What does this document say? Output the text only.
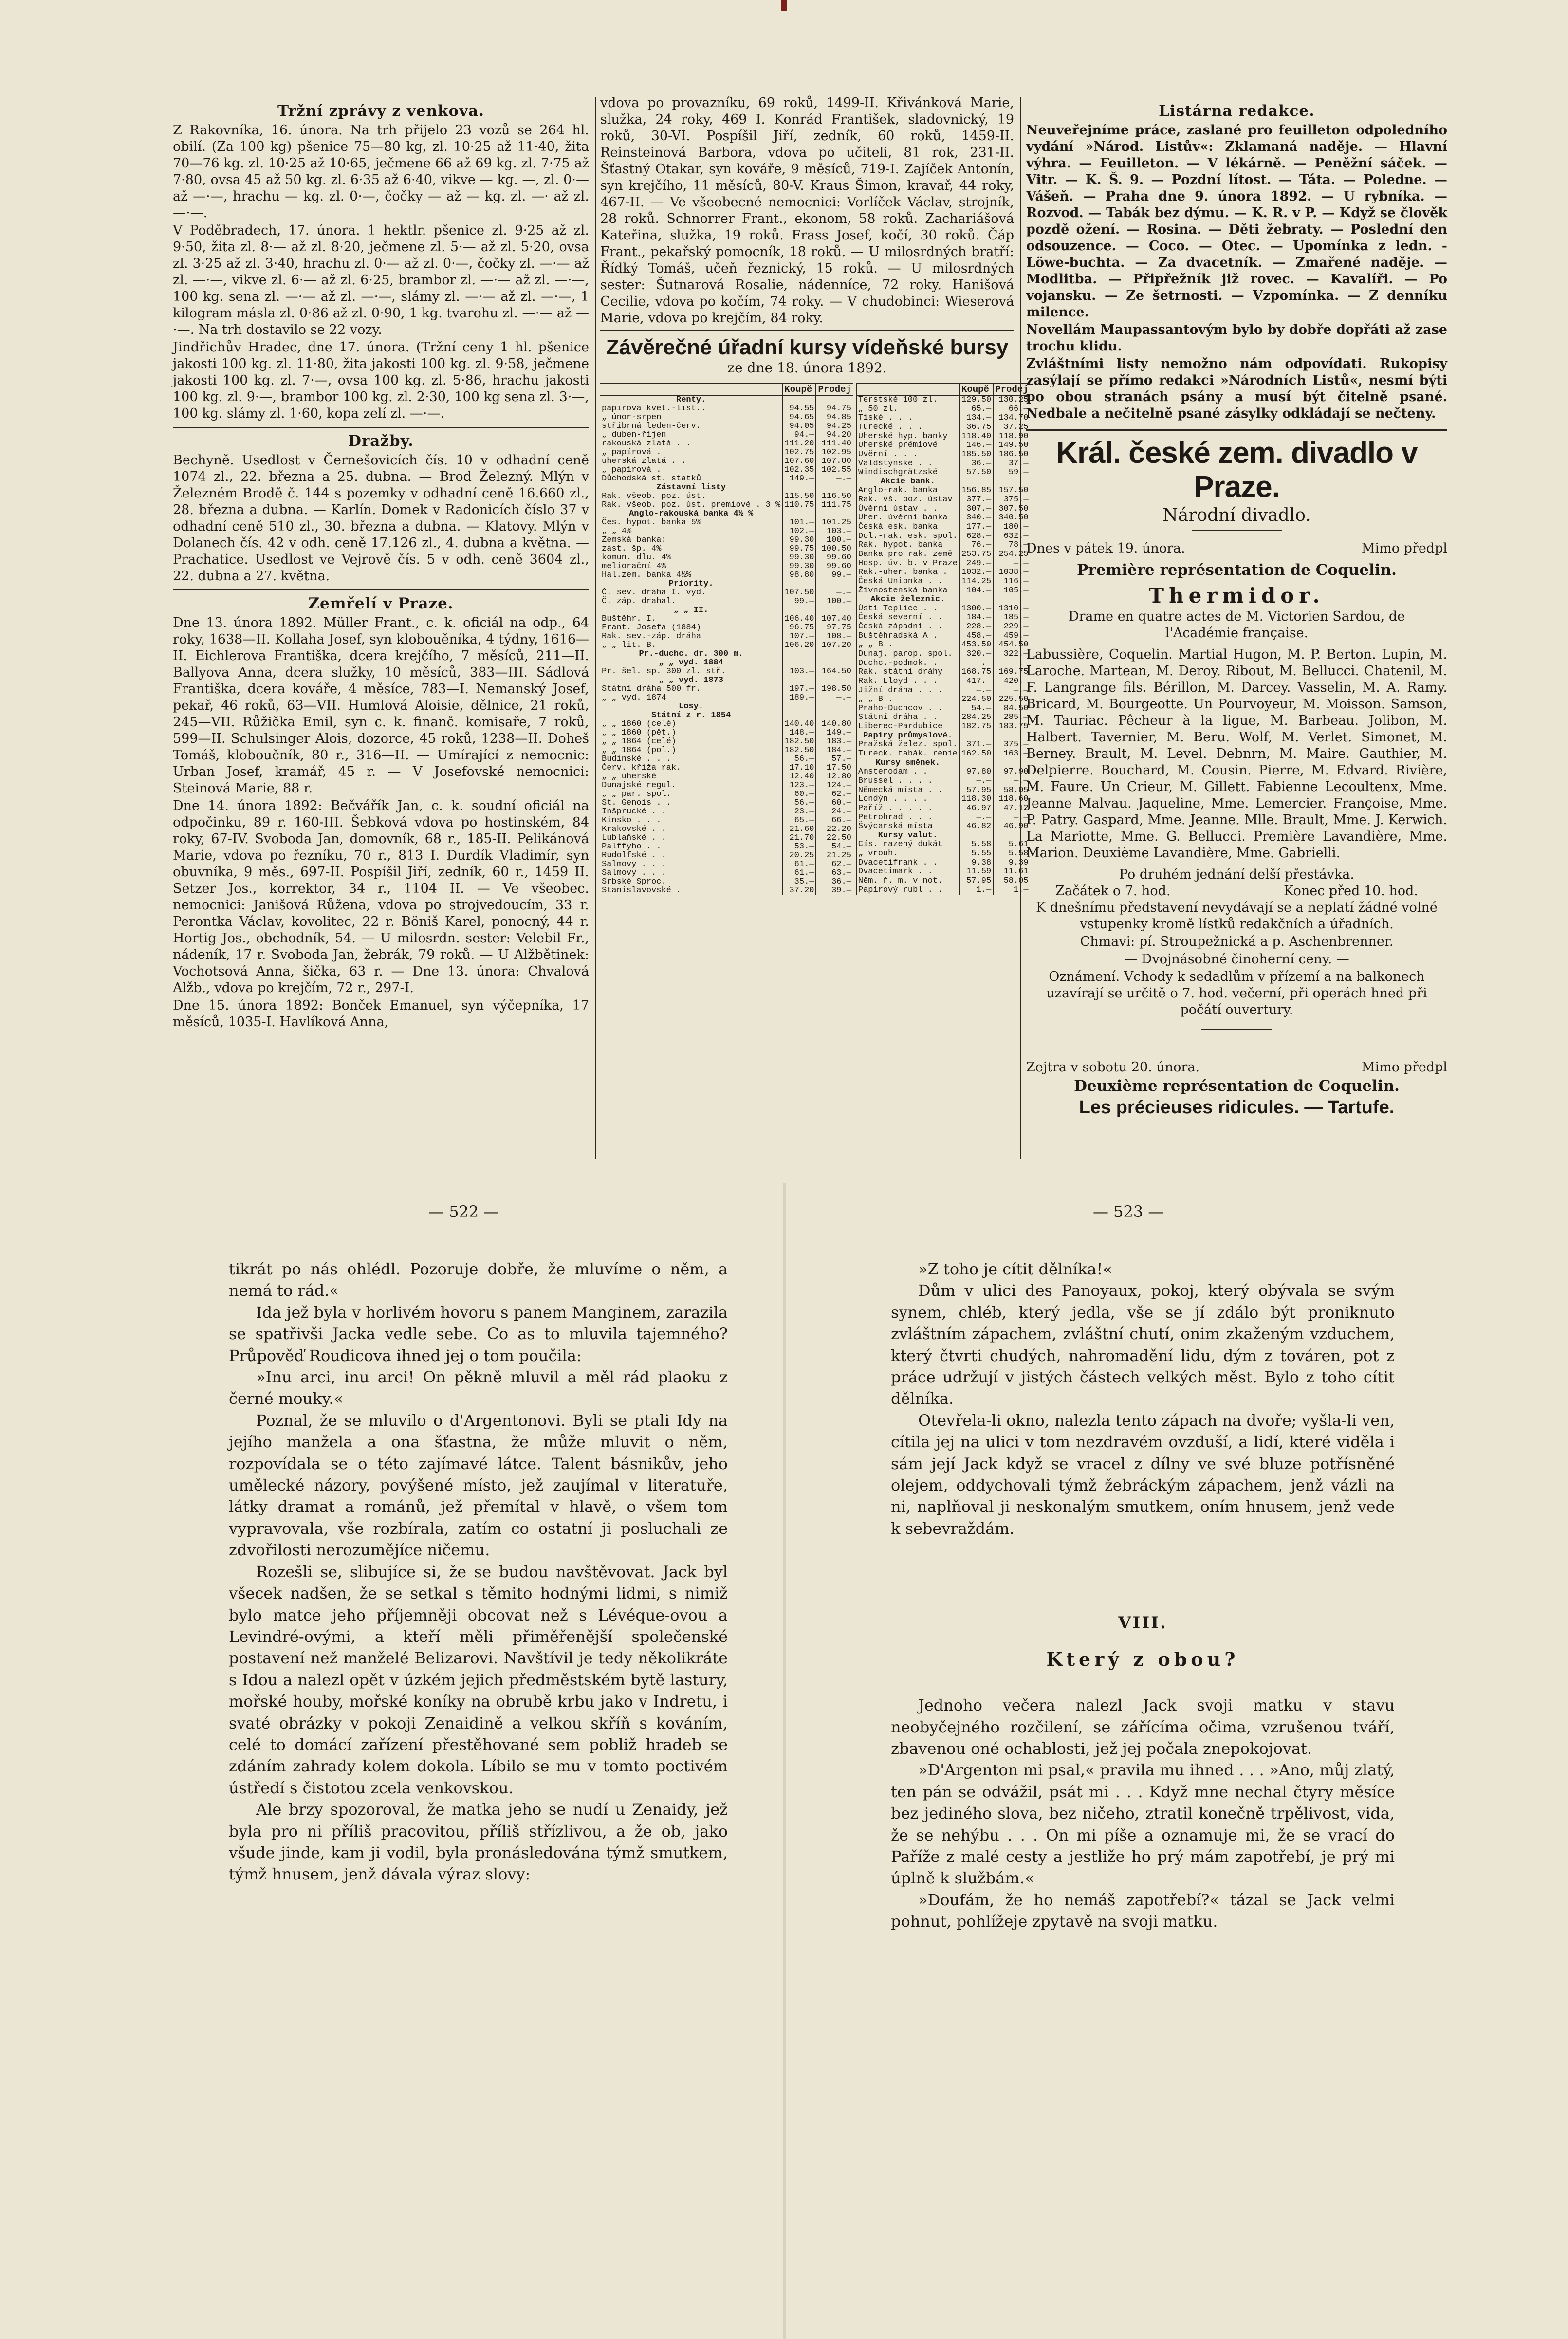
Tržní zprávy z venkova.

Z Rakovníka, 16. února. Na trh přijelo 23 vozů se 264 hl. obilí. (Za 100 kg) pšenice 75—80 kg, zl. 10·25 až 11·40, žita 70—76 kg. zl. 10·25 až 10·65, ječmene 66 až 69 kg. zl. 7·75 až 7·80, ovsa 45 až 50 kg. zl. 6·35 až 6·40, vikve — kg. —, zl. 0·— až —·—, hrachu — kg. zl. 0·—, čočky — až — kg. zl. —· až zl. —·—.

V Poděbradech, 17. února. 1 hektlr. pšenice zl. 9·25 až zl. 9·50, žita zl. 8·— až zl. 8·20, ječmene zl. 5·— až zl. 5·20, ovsa zl. 3·25 až zl. 3·40, hrachu zl. 0·— až zl. 0·—, čočky zl. —·— až zl. —·—, vikve zl. 6·— až zl. 6·25, brambor zl. —·— až zl. —·—, 100 kg. sena zl. —·— až zl. —·—, slámy zl. —·— až zl. —·—, 1 kilogram másla zl. 0·86 až zl. 0·90, 1 kg. tvarohu zl. —·— až —·—. Na trh dostavilo se 22 vozy.

Jindřichův Hradec, dne 17. února. (Tržní ceny 1 hl. pšenice jakosti 100 kg. zl. 11·80, žita jakosti 100 kg. zl. 9·58, ječmene jakosti 100 kg. zl. 7·—, ovsa 100 kg. zl. 5·86, hrachu jakosti 100 kg. zl. 9·—, brambor 100 kg. zl. 2·30, 100 kg sena zl. 3·—, 100 kg. slámy zl. 1·60, kopa zelí zl. —·—.

Dražby.

Bechyně. Usedlost v Černešovicích čís. 10 v odhadní ceně 1074 zl., 22. března a 25. dubna. — Brod Železný. Mlýn v Železném Brodě č. 144 s pozemky v odhadní ceně 16.660 zl., 28. března a dubna. — Karlín. Domek v Radonicích číslo 37 v odhadní ceně 510 zl., 30. března a dubna. — Klatovy. Mlýn v Dolanech čís. 42 v odh. ceně 17.126 zl., 4. dubna a května. — Prachatice. Usedlost ve Vejrově čís. 5 v odh. ceně 3604 zl., 22. dubna a 27. května.

Zemřelí v Praze.

Dne 13. února 1892. Müller Frant., c. k. oficiál na odp., 64 roky, 1638—II. Kollaha Josef, syn klobouěníka, 4 týdny, 1616—II. Eichlerova Františka, dcera krejčího, 7 měsíců, 211—II. Ballyova Anna, dcera služky, 10 měsíců, 383—III. Sádlová Františka, dcera kováře, 4 měsíce, 783—I. Nemanský Josef, pekař, 46 roků, 63—VII. Humlová Aloisie, dělnice, 21 roků, 245—VII. Růžička Emil, syn c. k. finanč. komisaře, 7 roků, 599—II. Schulsinger Alois, dozorce, 45 roků, 1238—II. Doheš Tomáš, kloboučník, 80 r., 316—II. — Umírající z nemocnic: Urban Josef, kramář, 45 r. — V Josefovské nemocnici: Steinová Marie, 88 r.

Dne 14. února 1892: Bečvářík Jan, c. k. soudní oficiál na odpočinku, 89 r. 160-III. Šebková vdova po hostinském, 84 roky, 67-IV. Svoboda Jan, domovník, 68 r., 185-II. Pelikánová Marie, vdova po řezníku, 70 r., 813 I. Durdík Vladimír, syn obuvníka, 9 měs., 697-II. Pospíšil Jiří, zedník, 60 r., 1459 II. Setzer Jos., korrektor, 34 r., 1104 II. — Ve všeobec. nemocnici: Janišová Růžena, vdova po strojvedoucím, 33 r. Perontka Václav, kovolitec, 22 r. Böniš Karel, ponocný, 44 r. Hortig Jos., obchodník, 54. — U milosrdn. sester: Velebil Fr., nádeník, 17 r. Svoboda Jan, žebrák, 79 roků. — U Alžbětinek: Vochotsová Anna, šička, 63 r. — Dne 13. února: Chvalová Alžb., vdova po krejčím, 72 r., 297-I.

Dne 15. února 1892: Bonček Emanuel, syn výčepníka, 17 měsíců, 1035-I. Havlíková Anna,

vdova po provazníku, 69 roků, 1499-II. Křivánková Marie, služka, 24 roky, 469 I. Konrád František, sladovnický, 19 roků, 30-VI. Pospíšil Jiří, zedník, 60 roků, 1459-II. Reinsteinová Barbora, vdova po učiteli, 81 rok, 231-II. Šťastný Otakar, syn kováře, 9 měsíců, 719-I. Zajíček Antonín, syn krejčího, 11 měsíců, 80-V. Kraus Šimon, kravař, 44 roky, 467-II. — Ve všeobecné nemocnici: Vorlíček Václav, strojník, 28 roků. Schnorrer Frant., ekonom, 58 roků. Zachariášová Kateřina, služka, 19 roků. Frass Josef, kočí, 30 roků. Čáp Frant., pekařský pomocník, 18 roků. — U milosrdných bratří: Řídký Tomáš, učeň řeznický, 15 roků. — U milosrdných sester: Šutnarová Rosalie, nádenníce, 72 roky. Hanišová Cecilie, vdova po kočím, 74 roky. — V chudobinci: Wieserová Marie, vdova po krejčím, 84 roky.

Závěrečné úřadní kursy vídeňské bursy
ze dne 18. února 1892.
	Koupě	Prodej
Renty.		
papírová květ.-list..	94.55	94.75
„ únor-srpen	94.65	94.85
stříbrná leden-červ.	94.05	94.25
„ duben-říjen	94.—	94.20
rakouská zlatá . .	111.20	111.40
„ papírová .	102.75	102.95
uherská zlatá . .	107.60	107.80
„ papírová .	102.35	102.55
Důchodská st. statků	149.—	—.—
Zástavní listy		
Rak. všeob. poz. úst.	115.50	116.50
Rak. všeob. poz. úst. premiové . 3 %	110.75	111.75
Anglo-rakouská banka 4½ %		
Čes. hypot. banka 5%	101.—	101.25
„ „ 4%	102.—	103.—
Zemská banka:	99.30	100.—
zást. šp. 4%	99.75	100.50
komun. dlu. 4%	99.30	99.60
meliorační 4%	99.30	99.60
Hal.zem. banka 4½%	98.80	99.—
Priority.		
Č. sev. dráha I. vyd.	107.50	—.—
Č. záp. drahal.	99.—	100.—
„ „ II.		
Buštěhr. I.	106.40	107.40
Frant. Josefa (1884)	96.75	97.75
Rak. sev.-záp. dráha	107.—	108.—
„ „ lit. B.	106.20	107.20
Pr.-duchc. dr. 300 m.		
„ „ vyd. 1884		
Pr. šel. sp. 300 zl. stř.	103.—	164.50
„ „ vyd. 1873		
Státní dráha 500 fr.	197.—	198.50
„ „ vyd. 1874	189.—	—.—
Losy.		
Státní z r. 1854		
„ „ 1860 (celé)	140.40	140.80
„ „ 1860 (pět.)	148.—	149.—
„ „ 1864 (celé)	182.50	183.—
„ „ 1864 (pol.)	182.50	184.—
Budínské . . .	56.—	57.—
Červ. kříža rak.	17.10	17.50
„ „ uherské	12.40	12.80
Dunajské regul.	123.—	124.—
„ „ par. spol.	60.—	62.—
St. Genois . .	56.—	60.—
Inšprucké . .	23.—	24.—
Kinsko . . .	65.—	66.—
Krakovské . .	21.60	22.20
Lublaňské . .	21.70	22.50
Palffyho . .	53.—	54.—
Rudolfské . .	20.25	21.25
Salmovy . . .	61.—	62.—
Salmovy . . .	61.—	63.—
Srbské Sproc.	35.—	36.—
Stanislavovské .	37.20	39.—
	Koupě	Prodej
Terstské 100 zl.	129.50	130.25
„ 50 zl.	65.—	66.—
Tiské . . .	134.—	134.70
Turecké . . .	36.75	37.25
Uherské hyp. banky	118.40	118.90
Uherské prémiové	146.—	149.50
Uvěrní . . .	185.50	186.50
Valdštýnské . .	36.—	37.—
Windischgrätzské	57.50	59.—
Akcie bank.		
Anglo-rak. banka	156.85	157.50
Rak. vš. poz. ústav	377.—	375.—
Úvěrní ústav . .	307.—	307.50
Uher. úvěrní banka	340.—	340.50
Česká esk. banka	177.—	180.—
Dol.-rak. esk. spol.	628.—	632.—
Rak. hypot. banka	76.—	78.—
Banka pro rak. země	253.75	254.25
Hosp. úv. b. v Praze	249.—	—.—
Rak.-uher. banka .	1032.—	1038.—
Česká Unionka . .	114.25	116.—
Živnostenská banka	104.—	105.—
Akcie železnic.		
Ústí-Teplice . .	1300.—	1310.—
Česká severní . .	184.—	185.—
Česká západní . .	228.—	229.—
Buštěhradská A .	458.—	459.—
„ „ B .	453.50	454.50
Dunaj. parop. spol.	320.—	322.—
Duchc.-podmok. .	—.—	—.—
Rak. státní dráhy	168.75	169.75
Rak. Lloyd . . .	417.—	420.—
Jižní dráha . . .	—.—	—.—
„ „ B .	224.50	225.50
Praho-Duchcov . .	54.—	84.50
Státní dráha . .	284.25	285.—
Liberec-Pardubice	182.75	183.75
Papíry průmyslové.		
Pražská želez. spol.	371.—	375.—
Tureck. tabák. renie	162.50	163.—
Kursy směnek.		
Amsterodam . .	97.80	97.90
Brussel . . . .	—.—	—.—
Německá místa . .	57.95	58.05
Londýn . . . .	118.30	118.60
Paříž . . . . .	46.97	47.12
Petrohrad . . .	—.—	—.—
Švýcarská místa	46.82	46.90
Kursy valut.		
Cís. razený dukát	5.58	5.61
„ vrouh.	5.55	5.58
Dvacetifrank . .	9.38	9.39
Dvacetimark . .	11.59	11.61
Něm. ř. m. v not.	57.95	58.05
Papírový rubl . .	1.—	1.—
Listárna redakce.

Neuveřejníme práce, zaslané pro feuilleton odpoledního vydání »Národ. Listův«: Zklamaná naděje. — Hlavní výhra. — Feuilleton. — V lékárně. — Peněžní sáček. — Vitr. — K. Š. 9. — Pozdní lítost. — Táta. — Poledne. — Vášeň. — Praha dne 9. února 1892. — U rybníka. — Rozvod. — Tabák bez dýmu. — K. R. v P. — Když se člověk pozdě ožení. — Rosina. — Děti žebraty. — Poslední den odsouzence. — Coco. — Otec. — Upomínka z ledn. - Löwe-buchta. — Za dvacetník. — Zmařené naděje. — Modlitba. — Připřežník již rovec. — Kavalíři. — Po vojansku. — Ze šetrnosti. — Vzpomínka. — Z denníku milence.

Novellám Maupassantovým bylo by dobře dopřáti až zase trochu klidu.

Zvláštními listy nemožno nám odpovídati. Rukopisy zasýlají se přímo redakci »Národních Listů«, nesmí býti po obou stranách psány a musí být čitelně psané. Nedbale a nečitelně psané zásylky odkládají se nečteny.

Král. české zem. divadlo v Praze.
Národní divadlo.
Dnes v pátek 19. února.	Mimo předpl
Première représentation de Coquelin.
Thermidor.
Drame en quatre actes de M. Victorien Sardou, de l'Académie française.

Labussière, Coquelin. Martial Hugon, M. P. Berton. Lupin, M. Laroche. Martean, M. Deroy. Ribout, M. Bellucci. Chatenil, M. F. Langrange fils. Bérillon, M. Darcey. Vasselin, M. A. Ramy. Bricard, M. Bourgeotte. Un Pourvoyeur, M. Moisson. Samson, M. Tauriac. Pêcheur à la ligue, M. Barbeau. Jolibon, M. Halbert. Tavernier, M. Beru. Wolf, M. Verlet. Simonet, M. Berney. Brault, M. Level. Debnrn, M. Maire. Gauthier, M. Delpierre. Bouchard, M. Cousin. Pierre, M. Edvard. Rivière, M. Faure. Un Crieur, M. Gillett. Fabienne Lecoultenx, Mme. Jeanne Malvau. Jaqueline, Mme. Lemercier. Françoise, Mme. P. Patry. Gaspard, Mme. Jeanne. Mlle. Brault, Mme. J. Kerwich. La Mariotte, Mme. G. Bellucci. Première Lavandière, Mme. Marion. Deuxième Lavandière, Mme. Gabrielli.

Po druhém jednání delší přestávka.
Začátek o 7. hod.	Konec před 10. hod.

K dnešnímu představení nevydávají se a neplatí žádné volné vstupenky kromě lístků redakčních a úřadních.

Chmavi: pí. Stroupežnická a p. Aschenbrenner.

— Dvojnásobné činoherní ceny. —

Oznámení. Vchody k sedadlům v přízemí a na balkonech uzavírají se určitě o 7. hod. večerní, při operách hned při počátí ouvertury.

Zejtra v sobotu 20. února.	Mimo předpl
Deuxième représentation de Coquelin.
Les précieuses ridicules. — Tartufe.
— 522 —	— 523 —

tikrát po nás ohlédl. Pozoruje dobře, že mluvíme o něm, a nemá to rád.«

Ida jež byla v horlivém hovoru s panem Manginem, zarazila se spatřivši Jacka vedle sebe. Co as to mluvila tajemného? Průpověď Roudicova ihned jej o tom poučila:

»Inu arci, inu arci! On pěkně mluvil a měl rád plaoku z černé mouky.«

Poznal, že se mluvilo o d'Argentonovi. Byli se ptali Idy na jejího manžela a ona šťastna, že může mluvit o něm, rozpovídala se o této zajímavé látce. Talent básnikův, jeho umělecké názory, povýšené místo, jež zaujímal v literatuře, látky dramat a románů, jež přemítal v hlavě, o všem tom vypravovala, vše rozbírala, zatím co ostatní ji posluchali ze zdvořilosti nerozumějíce ničemu.

Rozešli se, slibujíce si, že se budou navštěvovat. Jack byl všecek nadšen, že se setkal s těmito hodnými lidmi, s nimiž bylo matce jeho příjemněji obcovat než s Lévéque-ovou a Levindré-ovými, a kteří měli přiměřenější společenské postavení než manželé Belizarovi. Navštívil je tedy několikráte s Idou a nalezl opět v úzkém jejich předměstském bytě lastury, mořské houby, mořské koníky na obrubě krbu jako v Indretu, i svaté obrázky v pokoji Zenaidině a velkou skříň s kováním, celé to domácí zařízení přestěhované sem pobliž hradeb se zdáním zahrady kolem dokola. Líbilo se mu v tomto poctivém ústředí s čistotou zcela venkovskou.

Ale brzy spozoroval, že matka jeho se nudí u Zenaidy, jež byla pro ni příliš pracovitou, příliš střízlivou, a že ob, jako všude jinde, kam ji vodil, byla pronásledována týmž smutkem, týmž hnusem, jenž dávala výraz slovy:

»Z toho je cítit dělníka!«

Dům v ulici des Panoyaux, pokoj, který obývala se svým synem, chléb, který jedla, vše se jí zdálo být proniknuto zvláštním zápachem, zvláštní chutí, onim zkaženým vzduchem, který čtvrti chudých, nahromadění lidu, dým z továren, pot z práce udržují v jistých částech velkých měst. Bylo z toho cítit dělníka.

Otevřela-li okno, nalezla tento zápach na dvoře; vyšla-li ven, cítila jej na ulici v tom nezdravém ovzduší, a lidí, které viděla i sám její Jack když se vracel z dílny ve své bluze potřísněné olejem, oddychovali týmž žebráckým zápachem, jenž vázli na ni, naplňoval ji neskonalým smutkem, oním hnusem, jenž vede k sebevraždám.

VIII.
Který z obou?

Jednoho večera nalezl Jack svoji matku v stavu neobyčejného rozčilení, se zářícíma očima, vzrušenou tváří, zbavenou oné ochablosti, jež jej počala znepokojovat.

»D'Argenton mi psal,« pravila mu ihned . . . »Ano, můj zlatý, ten pán se odvážil, psát mi . . . Když mne nechal čtyry měsíce bez jediného slova, bez ničeho, ztratil konečně trpělivost, vida, že se nehýbu . . . On mi píše a oznamuje mi, že se vrací do Paříže z malé cesty a jestliže ho prý mám zapotřebí, je prý mi úplně k službám.«

»Doufám, že ho nemáš zapotřebí?« tázal se Jack velmi pohnut, pohlížeje zpytavě na svoji matku.
